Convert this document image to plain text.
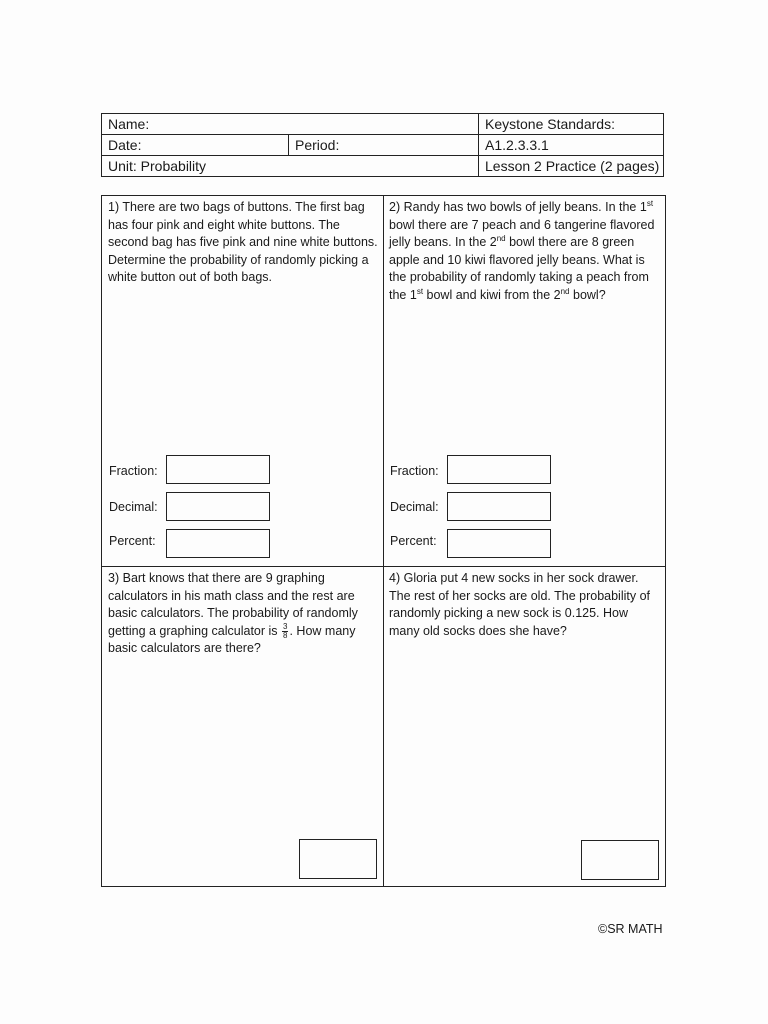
Name:
Date:	Period:
Unit: Probability
Keystone Standards:
A1.2.3.3.1
Lesson 2 Practice (2 pages)
1) There are two bags of buttons. The first bag has four pink and eight white buttons. The second bag has five pink and nine white buttons. Determine the probability of randomly picking a white button out of both bags.
2) Randy has two bowls of jelly beans. In the 1st bowl there are 7 peach and 6 tangerine flavored jelly beans. In the 2nd bowl there are 8 green apple and 10 kiwi flavored jelly beans. What is the probability of randomly taking a peach from the 1st bowl and kiwi from the 2nd bowl?
Fraction:
Decimal:
Percent:
Fraction:
Decimal:
Percent:
3) Bart knows that there are 9 graphing calculators in his math class and the rest are basic calculators. The probability of randomly getting a graphing calculator is $\frac{3}{8}$ . How many basic calculators are there?
4) Gloria put 4 new socks in her sock drawer. The rest of her socks are old. The probability of randomly picking a new sock is 0.125. How many old socks does she have?
©SR MATH
